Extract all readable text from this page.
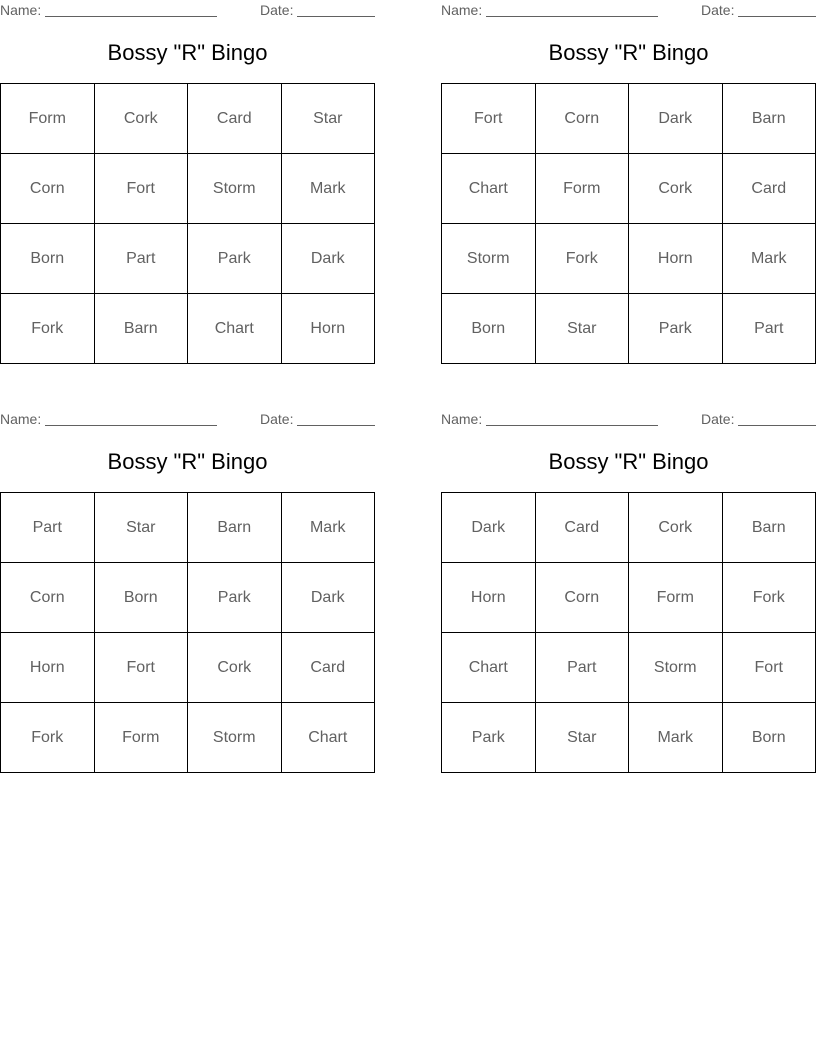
Name:	Date:
Bossy "R" Bingo
Form	Cork	Card	Star
Corn	Fort	Storm	Mark
Born	Part	Park	Dark
Fork	Barn	Chart	Horn
Name:	Date:
Bossy "R" Bingo
Fort	Corn	Dark	Barn
Chart	Form	Cork	Card
Storm	Fork	Horn	Mark
Born	Star	Park	Part
Name:	Date:
Bossy "R" Bingo
Part	Star	Barn	Mark
Corn	Born	Park	Dark
Horn	Fort	Cork	Card
Fork	Form	Storm	Chart
Name:	Date:
Bossy "R" Bingo
Dark	Card	Cork	Barn
Horn	Corn	Form	Fork
Chart	Part	Storm	Fort
Park	Star	Mark	Born
